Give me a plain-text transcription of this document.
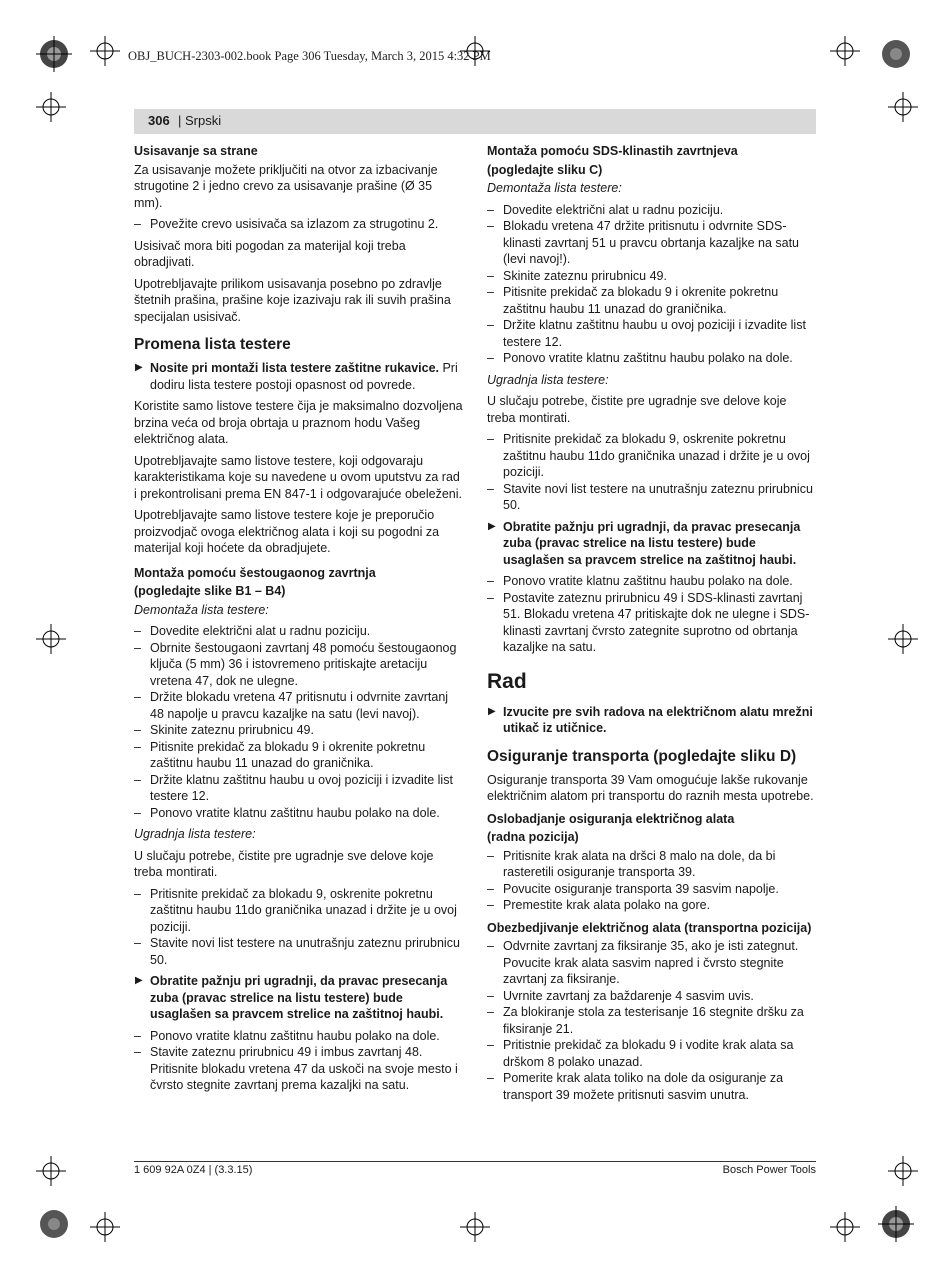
OBJ_BUCH-2303-002.book Page 306 Tuesday, March 3, 2015 4:32 PM
306 | Srpski
Usisavanje sa strane

Za usisavanje možete priključiti na otvor za izbacivanje strugotine 2 i jedno crevo za usisavanje prašine (Ø 35 mm).

– Povežite crevo usisivača sa izlazom za strugotinu 2.

Usisivač mora biti pogodan za materijal koji treba obradjivati.

Upotrebljavajte prilikom usisavanja posebno po zdravlje štetnih prašina, prašine koje izazivaju rak ili suvih prašina specijalan usisivač.

Promena lista testere
▶ Nosite pri montaži lista testere zaštitne rukavice. Pri dodiru lista testere postoji opasnost od povrede.

Koristite samo listove testere čija je maksimalno dozvoljena brzina veća od broja obrtaja u praznom hodu Vašeg električnog alata.

Upotrebljavajte samo listove testere, koji odgovaraju karakteristikama koje su navedene u ovom uputstvu za rad i prekontrolisani prema EN 847-1 i odgovarajuće obeleženi.

Upotrebljavajte samo listove testere koje je preporučio proizvodjač ovoga električnog alata i koji su pogodni za materijal koji hoćete da obradjujete.

Montaža pomoću šestougaonog zavrtnja
(pogledajte slike B1 – B4)
Demontaža lista testere:
– Dovedite električni alat u radnu poziciju.
– Obrnite šestougaoni zavrtanj 48 pomoću šestougaonog ključa (5 mm) 36 i istovremeno pritiskajte aretaciju vretena 47, dok ne ulegne.
– Držite blokadu vretena 47 pritisnutu i odvrnite zavrtanj 48 napolje u pravcu kazaljke na satu (levi navoj).
– Skinite zateznu prirubnicu 49.
– Pitisnite prekidač za blokadu 9 i okrenite pokretnu zaštitnu haubu 11 unazad do graničnika.
– Držite klatnu zaštitnu haubu u ovoj poziciji i izvadite list testere 12.
– Ponovo vratite klatnu zaštitnu haubu polako na dole.
Ugradnja lista testere:

U slučaju potrebe, čistite pre ugradnje sve delove koje treba montirati.

– Pritisnite prekidač za blokadu 9, oskrenite pokretnu zaštitnu haubu 11do graničnika unazad i držite je u ovoj poziciji.
– Stavite novi list testere na unutrašnju zateznu prirubnicu 50.
▶ Obratite pažnju pri ugradnji, da pravac presecanja zuba (pravac strelice na listu testere) bude usaglašen sa pravcem strelice na zaštitnoj haubi.
– Ponovo vratite klatnu zaštitnu haubu polako na dole.
– Stavite zateznu prirubnicu 49 i imbus zavrtanj 48. Pritisnite blokadu vretena 47 da uskoči na svoje mesto i čvrsto stegnite zavrtanj prema kazaljki na satu.
Montaža pomoću SDS-klinastih zavrtnjeva
(pogledajte sliku C)
Demontaža lista testere:
– Dovedite električni alat u radnu poziciju.
– Blokadu vretena 47 držite pritisnutu i odvrnite SDS-klinasti zavrtanj 51 u pravcu obrtanja kazaljke na satu (levi navoj!).
– Skinite zateznu prirubnicu 49.
– Pitisnite prekidač za blokadu 9 i okrenite pokretnu zaštitnu haubu 11 unazad do graničnika.
– Držite klatnu zaštitnu haubu u ovoj poziciji i izvadite list testere 12.
– Ponovo vratite klatnu zaštitnu haubu polako na dole.
Ugradnja lista testere:

U slučaju potrebe, čistite pre ugradnje sve delove koje treba montirati.

– Pritisnite prekidač za blokadu 9, oskrenite pokretnu zaštitnu haubu 11do graničnika unazad i držite je u ovoj poziciji.
– Stavite novi list testere na unutrašnju zateznu prirubnicu 50.
▶ Obratite pažnju pri ugradnji, da pravac presecanja zuba (pravac strelice na listu testere) bude usaglašen sa pravcem strelice na zaštitnoj haubi.
– Ponovo vratite klatnu zaštitnu haubu polako na dole.
– Postavite zateznu prirubnicu 49 i SDS-klinasti zavrtanj 51. Blokadu vretena 47 pritiskajte dok ne ulegne i SDS-klinasti zavrtanj čvrsto zategnite suprotno od obrtanja kazaljke na satu.
Rad
▶ Izvucite pre svih radova na električnom alatu mrežni utikač iz utičnice.
Osiguranje transporta (pogledajte sliku D)

Osiguranje transporta 39 Vam omogućuje lakše rukovanje električnim alatom pri transportu do raznih mesta upotrebe.

Oslobadjanje osiguranja električnog alata
(radna pozicija)
– Pritisnite krak alata na dršci 8 malo na dole, da bi rasteretili osiguranje transporta 39.
– Povucite osiguranje transporta 39 sasvim napolje.
– Premestite krak alata polako na gore.
Obezbedjivanje električnog alata (transportna pozicija)
– Odvrnite zavrtanj za fiksiranje 35, ako je isti zategnut. Povucite krak alata sasvim napred i čvrsto stegnite zavrtanj za fiksiranje.
– Uvrnite zavrtanj za baždarenje 4 sasvim uvis.
– Za blokiranje stola za testerisanje 16 stegnite dršku za fiksiranje 21.
– Pritistnie prekidač za blokadu 9 i vodite krak alata sa drškom 8 polako unazad.
– Pomerite krak alata toliko na dole da osiguranje za transport 39 možete pritisnuti sasvim unutra.
1 609 92A 0Z4 | (3.3.15)	Bosch Power Tools
